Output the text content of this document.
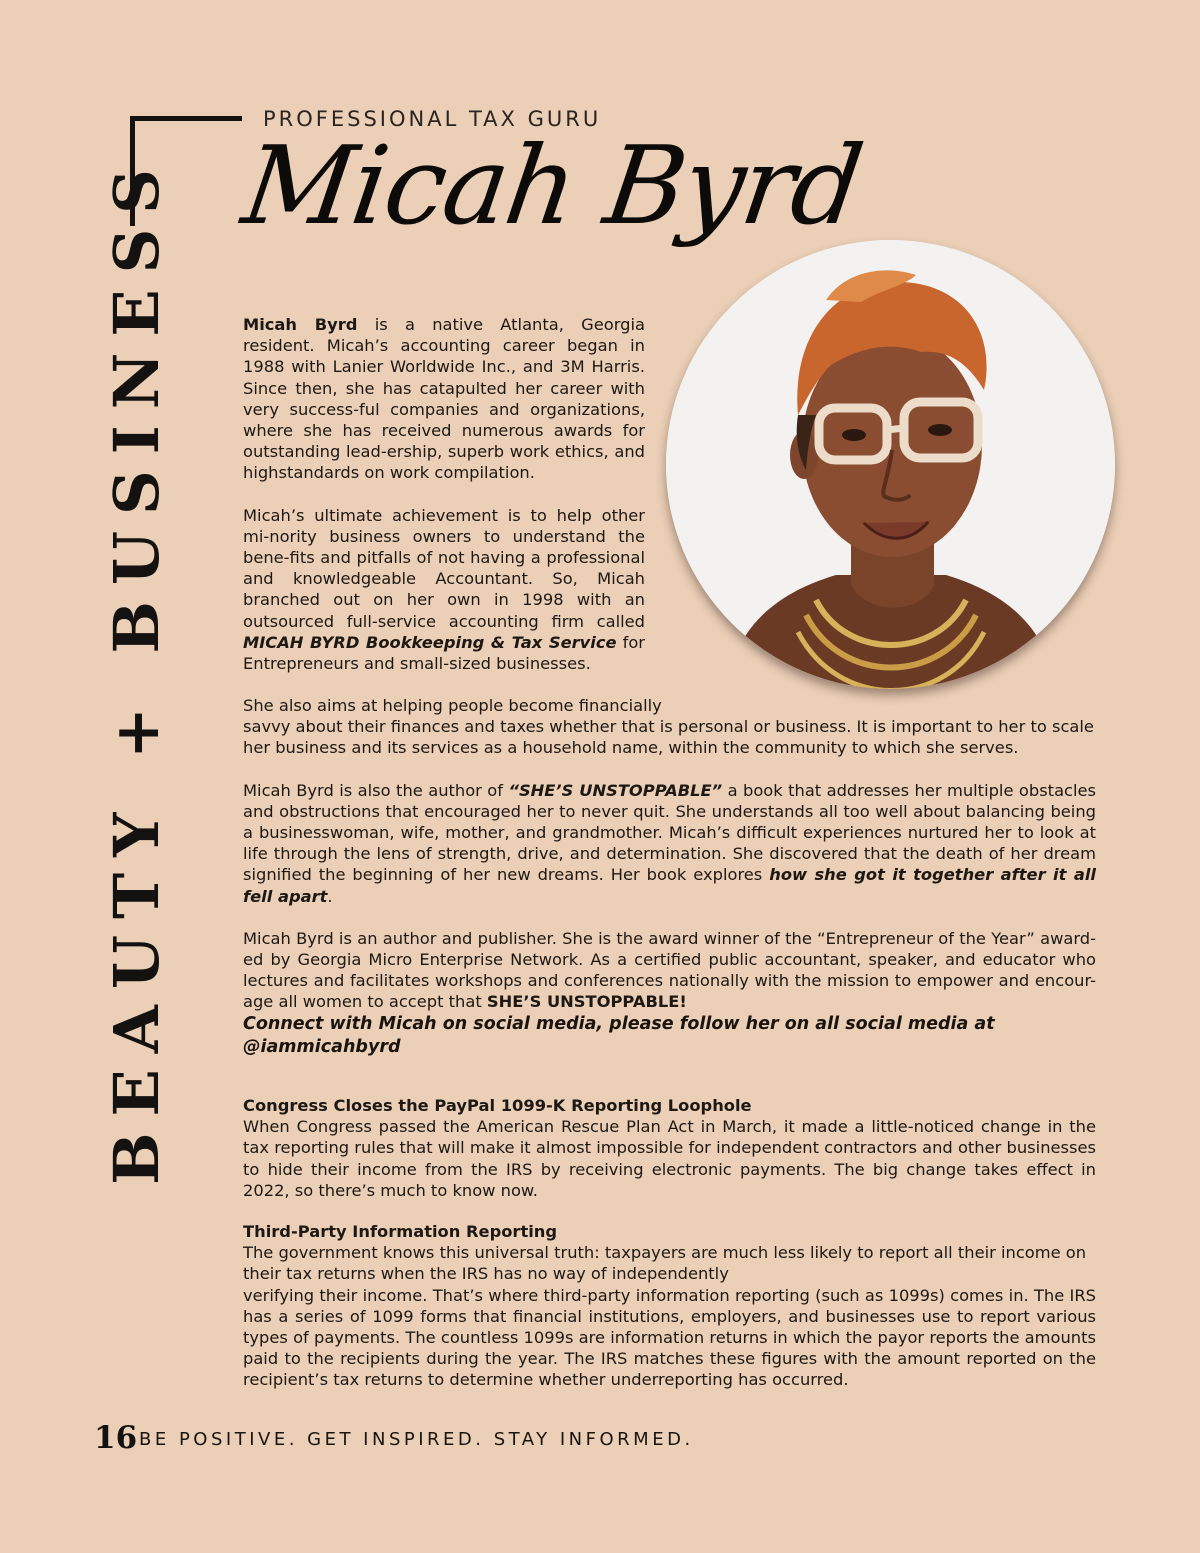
BEAUTY + BUSINESS
PROFESSIONAL TAX GURU
Micah Byrd

Micah Byrd is a native Atlanta, Georgia resident. Micah’s accounting career began in 1988 with Lanier Worldwide Inc., and 3M Harris. Since then, she has catapulted her career with very success-ful companies and organizations, where she has received numerous awards for outstanding lead-ership, superb work ethics, and highstandards on work compilation.

Micah’s ultimate achievement is to help other mi-nority business owners to understand the bene-fits and pitfalls of not having a professional and knowledgeable Accountant. So, Micah branched out on her own in 1998 with an outsourced full-service accounting firm called MICAH BYRD Bookkeeping & Tax Service for Entrepreneurs and small-sized businesses.

She also aims at helping people become financially
savvy about their finances and taxes whether that is personal or business. It is important to her to scale her business and its services as a household name, within the community to which she serves.

Micah Byrd is also the author of “SHE’S UNSTOPPABLE” a book that addresses her multiple obstacles and obstructions that encouraged her to never quit. She understands all too well about balancing being a businesswoman, wife, mother, and grandmother. Micah’s difficult experiences nurtured her to look at life through the lens of strength, drive, and determination. She discovered that the death of her dream signified the beginning of her new dreams. Her book explores how she got it together after it all fell apart.

Micah Byrd is an author and publisher. She is the award winner of the “Entrepreneur of the Year” award-ed by Georgia Micro Enterprise Network. As a certified public accountant, speaker, and educator who lectures and facilitates workshops and conferences nationally with the mission to empower and encour-age all women to accept that SHE’S UNSTOPPABLE!

Connect with Micah on social media, please follow her on all social media at
@iammicahbyrd
Congress Closes the PayPal 1099-K Reporting Loophole

When Congress passed the American Rescue Plan Act in March, it made a little-noticed change in the tax reporting rules that will make it almost impossible for independent contractors and other businesses to hide their income from the IRS by receiving electronic payments. The big change takes effect in 2022, so there’s much to know now.

Third-Party Information Reporting

The government knows this universal truth: taxpayers are much less likely to report all their income on their tax returns when the IRS has no way of independently

verifying their income. That’s where third-party information reporting (such as 1099s) comes in. The IRS has a series of 1099 forms that financial institutions, employers, and businesses use to report various types of payments. The countless 1099s are information returns in which the payor reports the amounts paid to the recipients during the year. The IRS matches these figures with the amount reported on the recipient’s tax returns to determine whether underreporting has occurred.

16 BE POSITIVE. GET INSPIRED. STAY INFORMED.
